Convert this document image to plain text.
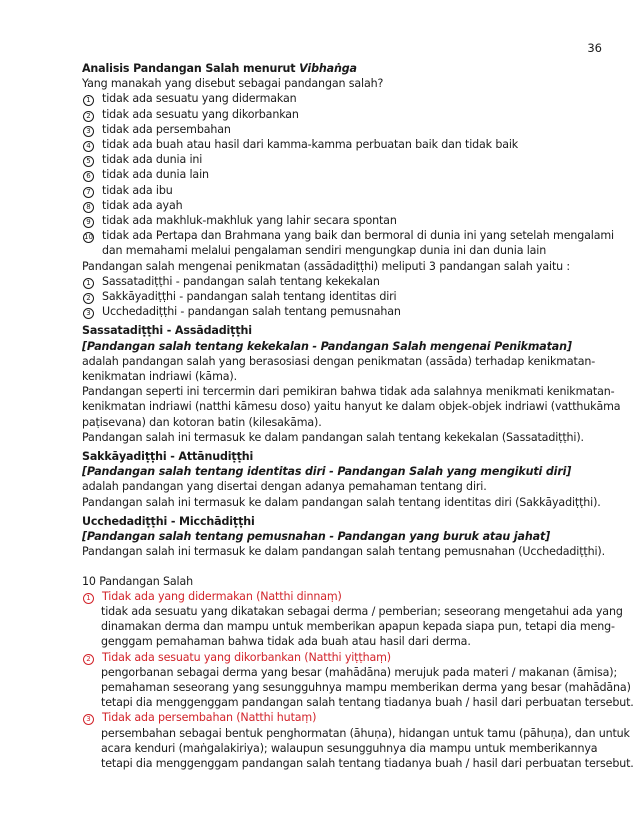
36
Analisis Pandangan Salah menurut Vibhaṅga
Yang manakah yang disebut sebagai pandangan salah?
1 tidak ada sesuatu yang didermakan
2 tidak ada sesuatu yang dikorbankan
3 tidak ada persembahan
4 tidak ada buah atau hasil dari kamma-kamma perbuatan baik dan tidak baik
5 tidak ada dunia ini
6 tidak ada dunia lain
7 tidak ada ibu
8 tidak ada ayah
9 tidak ada makhluk-makhluk yang lahir secara spontan
10 tidak ada Pertapa dan Brahmana yang baik dan bermoral di dunia ini yang setelah mengalami
dan memahami melalui pengalaman sendiri mengungkap dunia ini dan dunia lain
Pandangan salah mengenai penikmatan (assādadiṭṭhi) meliputi 3 pandangan salah yaitu :
1 Sassatadiṭṭhi - pandangan salah tentang kekekalan
2 Sakkāyadiṭṭhi - pandangan salah tentang identitas diri
3 Ucchedadiṭṭhi - pandangan salah tentang pemusnahan
Sassatadiṭṭhi - Assādadiṭṭhi
[Pandangan salah tentang kekekalan - Pandangan Salah mengenai Penikmatan]
adalah pandangan salah yang berasosiasi dengan penikmatan (assāda) terhadap kenikmatan-
kenikmatan indriawi (kāma).
Pandangan seperti ini tercermin dari pemikiran bahwa tidak ada salahnya menikmati kenikmatan-
kenikmatan indriawi (natthi kāmesu doso) yaitu hanyut ke dalam objek-objek indriawi (vatthukāma
paṭisevana) dan kotoran batin (kilesakāma).
Pandangan salah ini termasuk ke dalam pandangan salah tentang kekekalan (Sassatadiṭṭhi).
Sakkāyadiṭṭhi - Attānudiṭṭhi
[Pandangan salah tentang identitas diri - Pandangan Salah yang mengikuti diri]
adalah pandangan yang disertai dengan adanya pemahaman tentang diri.
Pandangan salah ini termasuk ke dalam pandangan salah tentang identitas diri (Sakkāyadiṭṭhi).
Ucchedadiṭṭhi - Micchādiṭṭhi
[Pandangan salah tentang pemusnahan - Pandangan yang buruk atau jahat]
Pandangan salah ini termasuk ke dalam pandangan salah tentang pemusnahan (Ucchedadiṭṭhi).
10 Pandangan Salah
1 Tidak ada yang didermakan (Natthi dinnaṃ)
tidak ada sesuatu yang dikatakan sebagai derma / pemberian; seseorang mengetahui ada yang
dinamakan derma dan mampu untuk memberikan apapun kepada siapa pun, tetapi dia meng-
genggam pemahaman bahwa tidak ada buah atau hasil dari derma.
2 Tidak ada sesuatu yang dikorbankan (Natthi yiṭṭhaṃ)
pengorbanan sebagai derma yang besar (mahādāna) merujuk pada materi / makanan (āmisa);
pemahaman seseorang yang sesungguhnya mampu memberikan derma yang besar (mahādāna)
tetapi dia menggenggam pandangan salah tentang tiadanya buah / hasil dari perbuatan tersebut.
3 Tidak ada persembahan (Natthi hutaṃ)
persembahan sebagai bentuk penghormatan (āhuṇa), hidangan untuk tamu (pāhuṇa), dan untuk
acara kenduri (maṅgalakiriya); walaupun sesungguhnya dia mampu untuk memberikannya
tetapi dia menggenggam pandangan salah tentang tiadanya buah / hasil dari perbuatan tersebut.
